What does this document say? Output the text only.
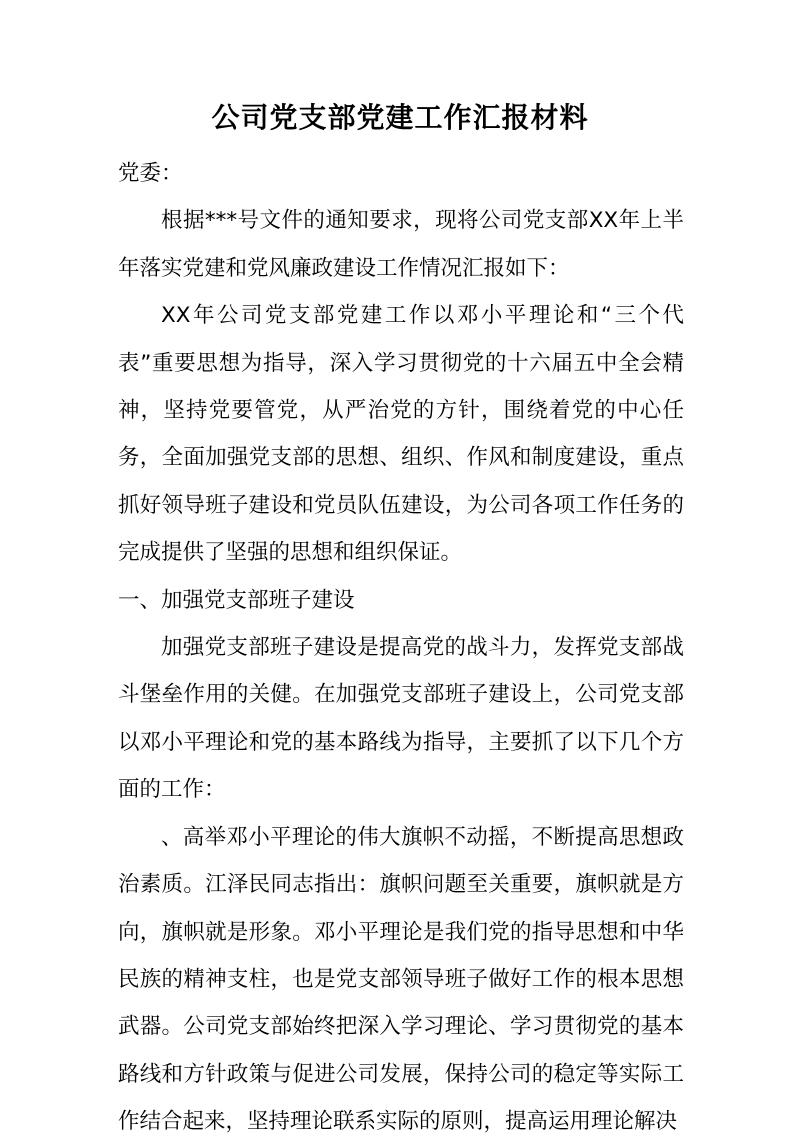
公司党支部党建工作汇报材料

党委：

根据***号文件的通知要求，现将公司党支部XX年上半年落实党建和党风廉政建设工作情况汇报如下：

XX年公司党支部党建工作以邓小平理论和“三个代表”重要思想为指导，深入学习贯彻党的十六届五中全会精神，坚持党要管党，从严治党的方针，围绕着党的中心任务，全面加强党支部的思想、组织、作风和制度建设，重点抓好领导班子建设和党员队伍建设，为公司各项工作任务的完成提供了坚强的思想和组织保证。

一、加强党支部班子建设

加强党支部班子建设是提高党的战斗力，发挥党支部战斗堡垒作用的关健。在加强党支部班子建设上，公司党支部以邓小平理论和党的基本路线为指导，主要抓了以下几个方面的工作：

、高举邓小平理论的伟大旗帜不动摇，不断提高思想政治素质。江泽民同志指出：旗帜问题至关重要，旗帜就是方向，旗帜就是形象。邓小平理论是我们党的指导思想和中华民族的精神支柱，也是党支部领导班子做好工作的根本思想武器。公司党支部始终把深入学习理论、学习贯彻党的基本路线和方针政策与促进公司发展，保持公司的稳定等实际工作结合起来，坚持理论联系实际的原则，提高运用理论解决
